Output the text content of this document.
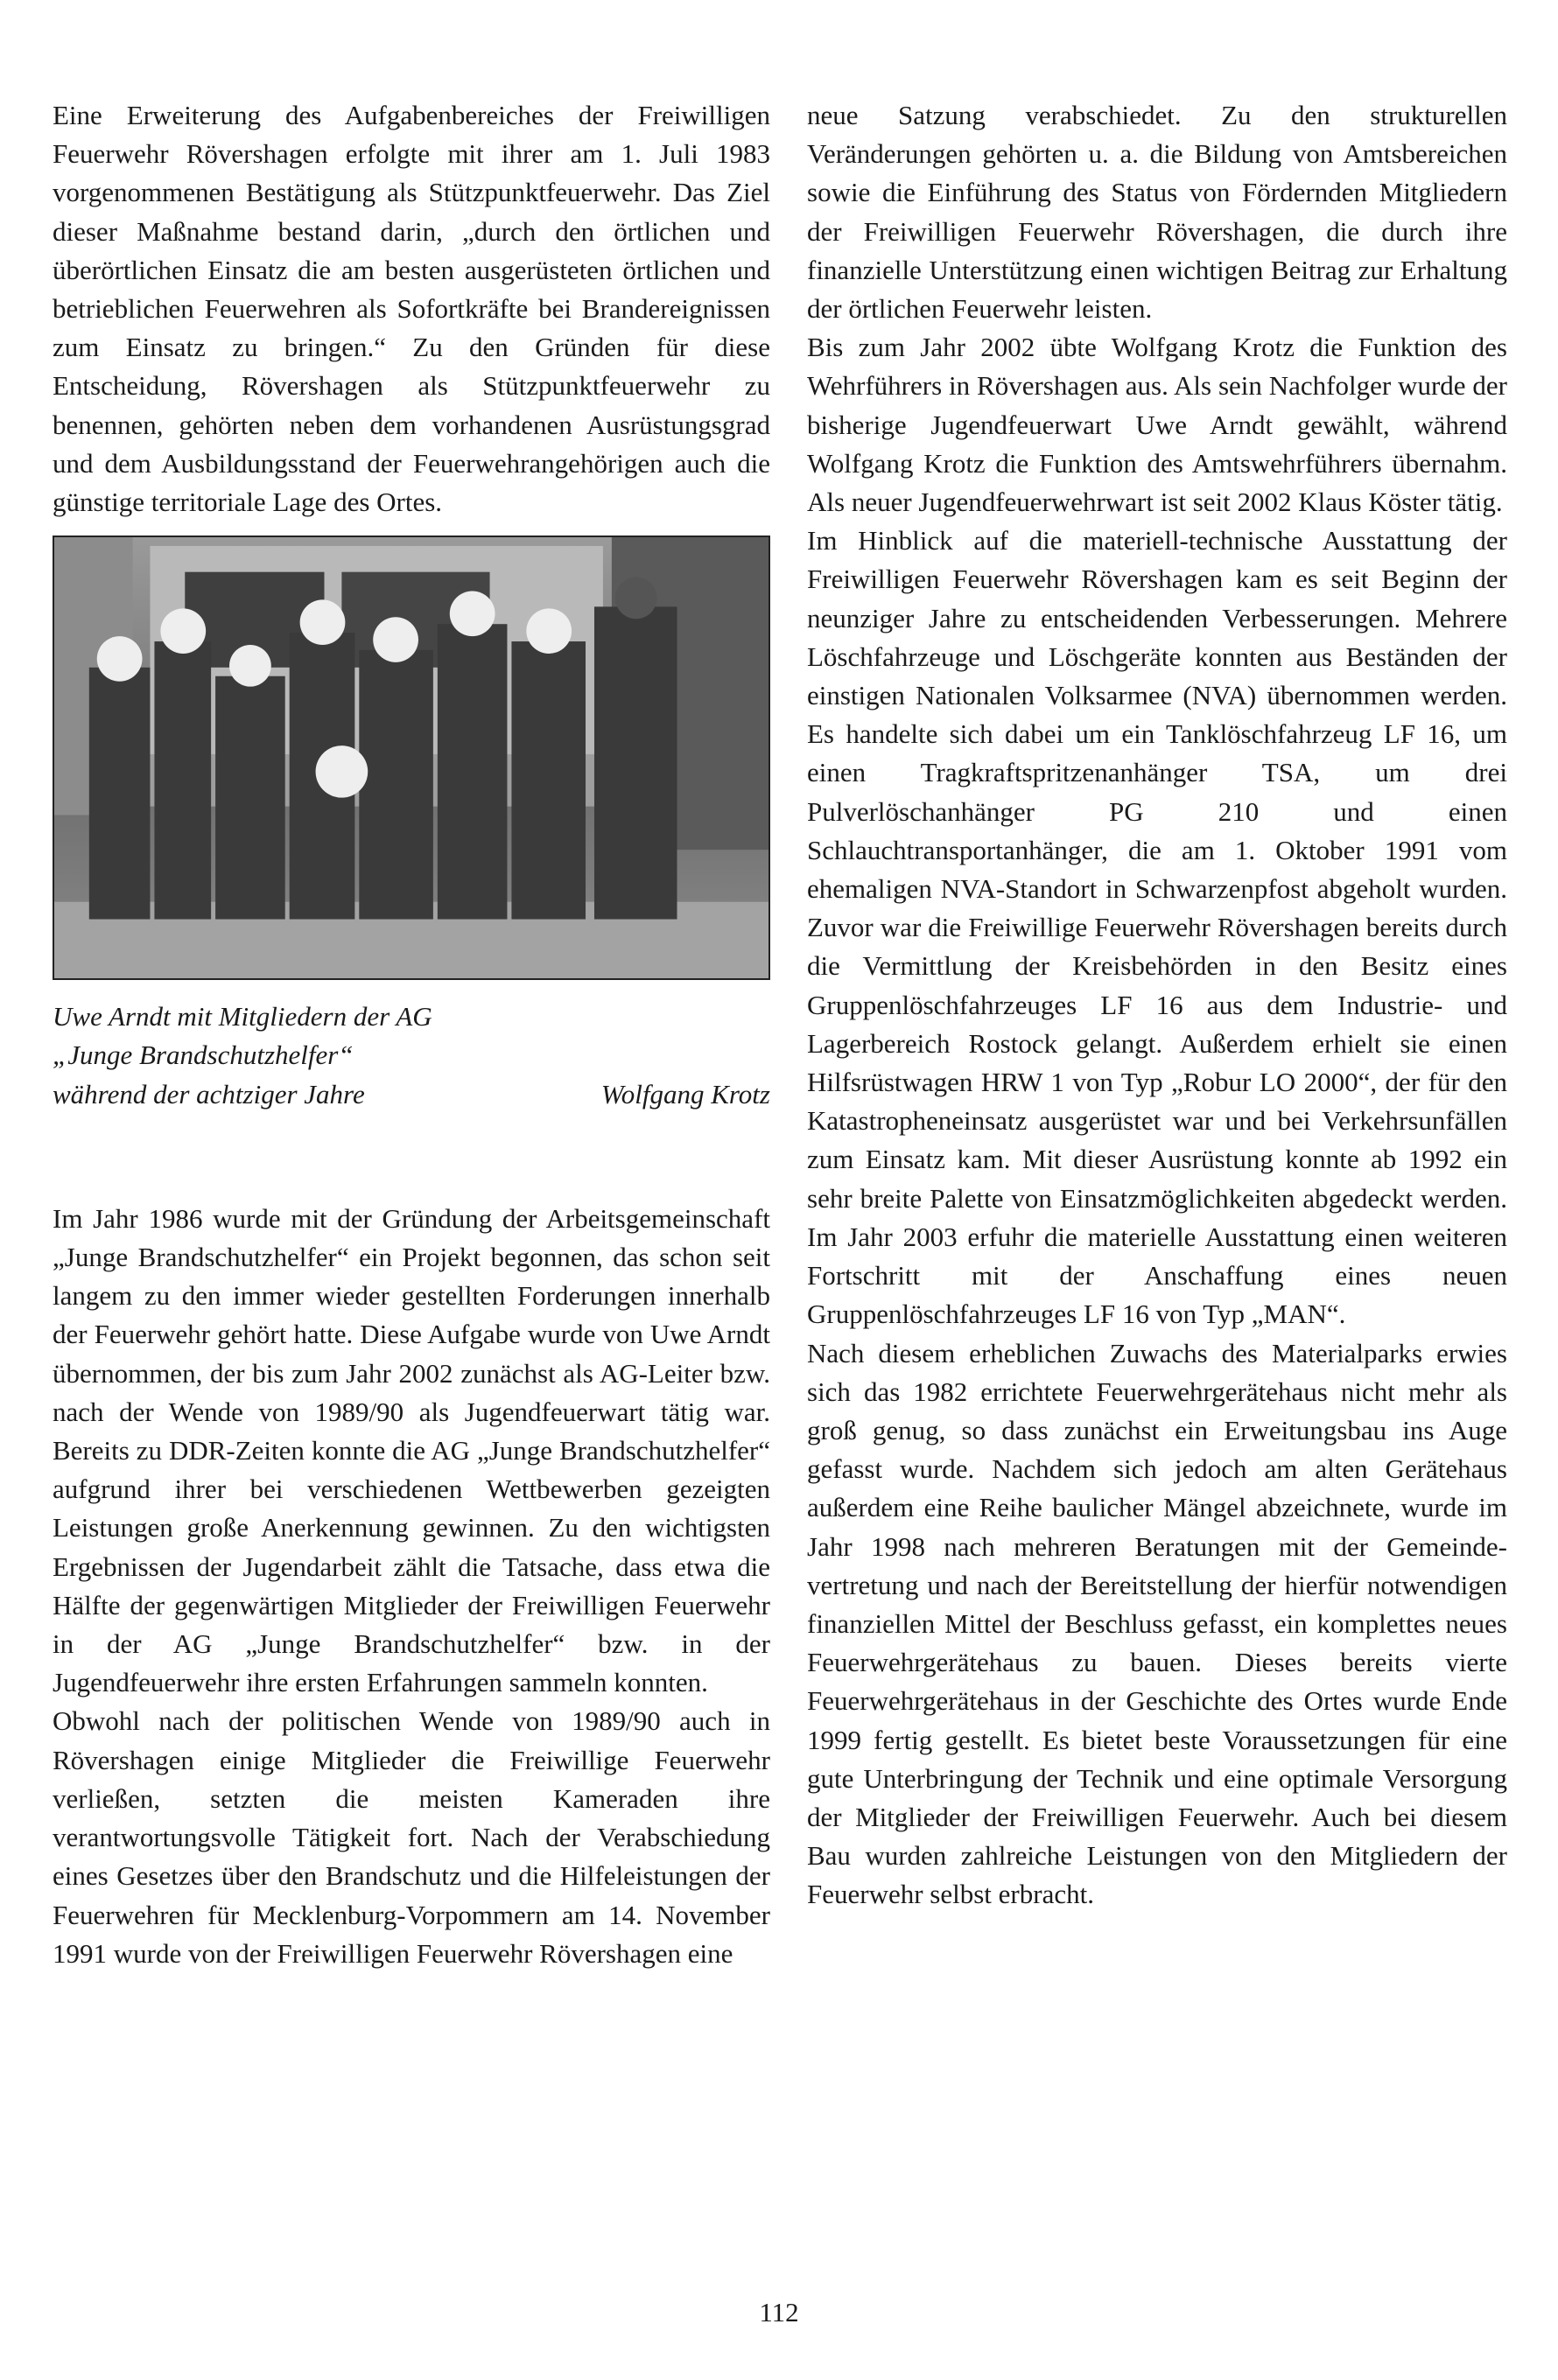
Eine Erweiterung des Aufgabenbereiches der Freiwilligen Feuerwehr Rövershagen erfolgte mit ihrer am 1. Juli 1983 vorgenommenen Bestätigung als Stützpunktfeuerwehr. Das Ziel dieser Maßnahme bestand darin, „durch den örtlichen und überörtlichen Einsatz die am besten ausgerüsteten örtlichen und betrieblichen Feuerwehren als Sofortkräfte bei Brandereignissen zum Einsatz zu bringen.“ Zu den Gründen für diese Entscheidung, Rövershagen als Stützpunktfeuerwehr zu benennen, gehörten neben dem vorhandenen Ausrüstungsgrad und dem Ausbildungsstand der Feuerwehrangehörigen auch die günstige territoriale Lage des Ortes.

Uwe Arndt mit Mitgliedern der AG
„Junge Brandschutzhelfer“
während der achtziger Jahre	Wolfgang Krotz

Im Jahr 1986 wurde mit der Gründung der Arbeitsgemeinschaft „Junge Brandschutzhelfer“ ein Projekt begonnen, das schon seit langem zu den immer wieder gestellten Forderungen innerhalb der Feuerwehr gehört hatte. Diese Aufgabe wurde von Uwe Arndt übernommen, der bis zum Jahr 2002 zunächst als AG-Leiter bzw. nach der Wende von 1989/90 als Jugendfeuerwart tätig war. Bereits zu DDR-Zeiten konnte die AG „Junge Brandschutzhelfer“ aufgrund ihrer bei verschiedenen Wettbewerben gezeigten Leistungen große Anerkennung gewinnen. Zu den wichtigsten Ergebnissen der Jugendarbeit zählt die Tatsache, dass etwa die Hälfte der gegenwärtigen Mitglieder der Freiwilligen Feuerwehr in der AG „Junge Brandschutzhelfer“ bzw. in der Jugendfeuerwehr ihre ersten Erfahrungen sammeln konnten.

Obwohl nach der politischen Wende von 1989/90 auch in Rövershagen einige Mitglieder die Freiwillige Feuerwehr verließen, setzten die meisten Kameraden ihre verantwortungsvolle Tätigkeit fort. Nach der Verabschiedung eines Gesetzes über den Brandschutz und die Hilfeleistungen der Feuerwehren für Mecklenburg-Vorpommern am 14. November 1991 wurde von der Freiwilligen Feuerwehr Rövershagen eine

neue Satzung verabschiedet. Zu den strukturellen Veränderungen gehörten u. a. die Bildung von Amtsbereichen sowie die Einführung des Status von Fördernden Mitgliedern der Freiwilligen Feuerwehr Rövershagen, die durch ihre finanzielle Unterstützung einen wichtigen Beitrag zur Erhaltung der örtlichen Feuerwehr leisten.

Bis zum Jahr 2002 übte Wolfgang Krotz die Funktion des Wehrführers in Rövershagen aus. Als sein Nachfolger wurde der bisherige Jugendfeuerwart Uwe Arndt gewählt, während Wolfgang Krotz die Funktion des Amtswehrführers übernahm. Als neuer Jugendfeuerwehrwart ist seit 2002 Klaus Köster tätig.

Im Hinblick auf die materiell-technische Ausstattung der Freiwilligen Feuerwehr Rövershagen kam es seit Beginn der neunziger Jahre zu entscheidenden Verbesserungen. Mehrere Löschfahrzeuge und Löschgeräte konnten aus Beständen der einstigen Nationalen Volksarmee (NVA) übernommen werden. Es handelte sich dabei um ein Tanklöschfahrzeug LF 16, um einen Tragkraftspritzenanhänger TSA, um drei Pulverlöschanhänger PG 210 und einen Schlauchtransportanhänger, die am 1. Oktober 1991 vom ehemaligen NVA-Standort in Schwarzenpfost abgeholt wurden. Zuvor war die Freiwillige Feuerwehr Rövershagen bereits durch die Vermittlung der Kreisbehörden in den Besitz eines Gruppenlöschfahrzeuges LF 16 aus dem Industrie- und Lagerbereich Rostock gelangt. Außerdem erhielt sie einen Hilfsrüstwagen HRW 1 von Typ „Robur LO 2000“, der für den Katastropheneinsatz ausgerüstet war und bei Verkehrsunfällen zum Einsatz kam. Mit dieser Ausrüstung konnte ab 1992 ein sehr breite Palette von Einsatzmöglichkeiten abgedeckt werden. Im Jahr 2003 erfuhr die materielle Ausstattung einen weiteren Fortschritt mit der Anschaffung eines neuen Gruppenlöschfahrzeuges LF 16 von Typ „MAN“.

Nach diesem erheblichen Zuwachs des Materialparks erwies sich das 1982 errichtete Feuerwehrgerätehaus nicht mehr als groß genug, so dass zunächst ein Erweitungsbau ins Auge gefasst wurde. Nachdem sich jedoch am alten Gerätehaus außerdem eine Reihe baulicher Mängel abzeichnete, wurde im Jahr 1998 nach mehreren Beratungen mit der Gemeindevertretung und nach der Bereitstellung der hierfür notwendigen finanziellen Mittel der Beschluss gefasst, ein komplettes neues Feuerwehrgerätehaus zu bauen. Dieses bereits vierte Feuerwehrgerätehaus in der Geschichte des Ortes wurde Ende 1999 fertig gestellt. Es bietet beste Voraussetzungen für eine gute Unterbringung der Technik und eine optimale Versorgung der Mitglieder der Freiwilligen Feuerwehr. Auch bei diesem Bau wurden zahlreiche Leistungen von den Mitgliedern der Feuerwehr selbst erbracht.

112
